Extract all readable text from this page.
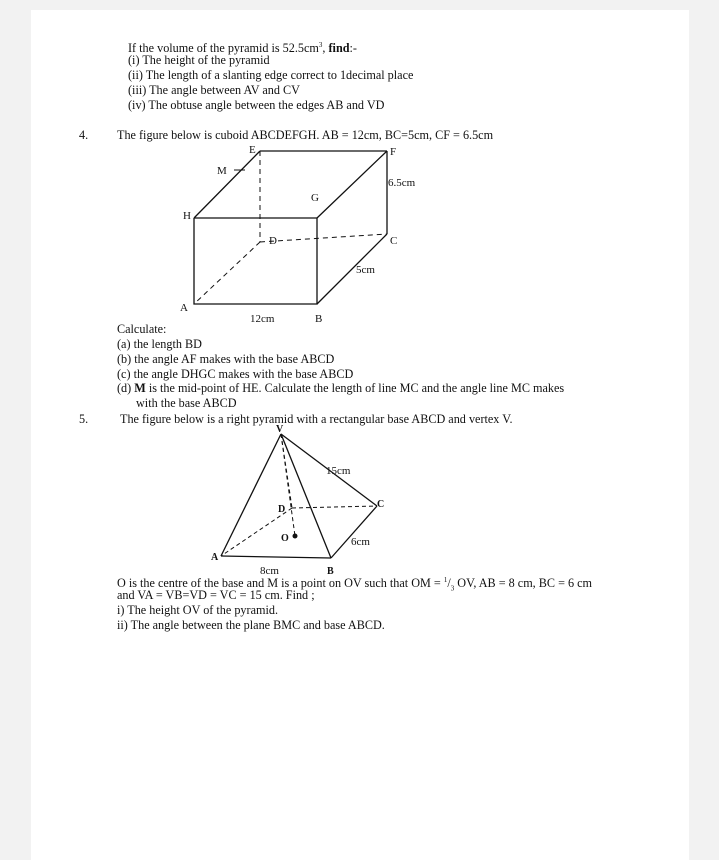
If the volume of the pyramid is $52.5cm^3$, find:-
(i) The height of the pyramid
(ii) The length of a slanting edge correct to 1decimal place
(iii) The angle between AV and CV
(iv) The obtuse angle between the edges AB and VD
4. The figure below is cuboid ABCDEFGH. AB = 12cm, BC=5cm, CF = 6.5cm
E	F
M
6.5cm
G
H
D	C
5cm
A
12cm	B
V
15cm
C
D
O	6cm
A
8cm	B
Calculate:
(a) the length BD
(b) the angle AF makes with the base ABCD
(c) the angle DHGC makes with the base ABCD
(d) M is the mid-point of HE. Calculate the length of line MC and the angle line MC makes
with the base ABCD
5.	The figure below is a right pyramid with a rectangular base ABCD and vertex V.
O is the centre of the base and M is a point on OV such that OM = $^1/_3$ OV, AB = 8 cm, BC = 6 cm
and VA = VB=VD = VC = 15 cm. Find ;
i) The height OV of the pyramid.
ii) The angle between the plane BMC and base ABCD.
